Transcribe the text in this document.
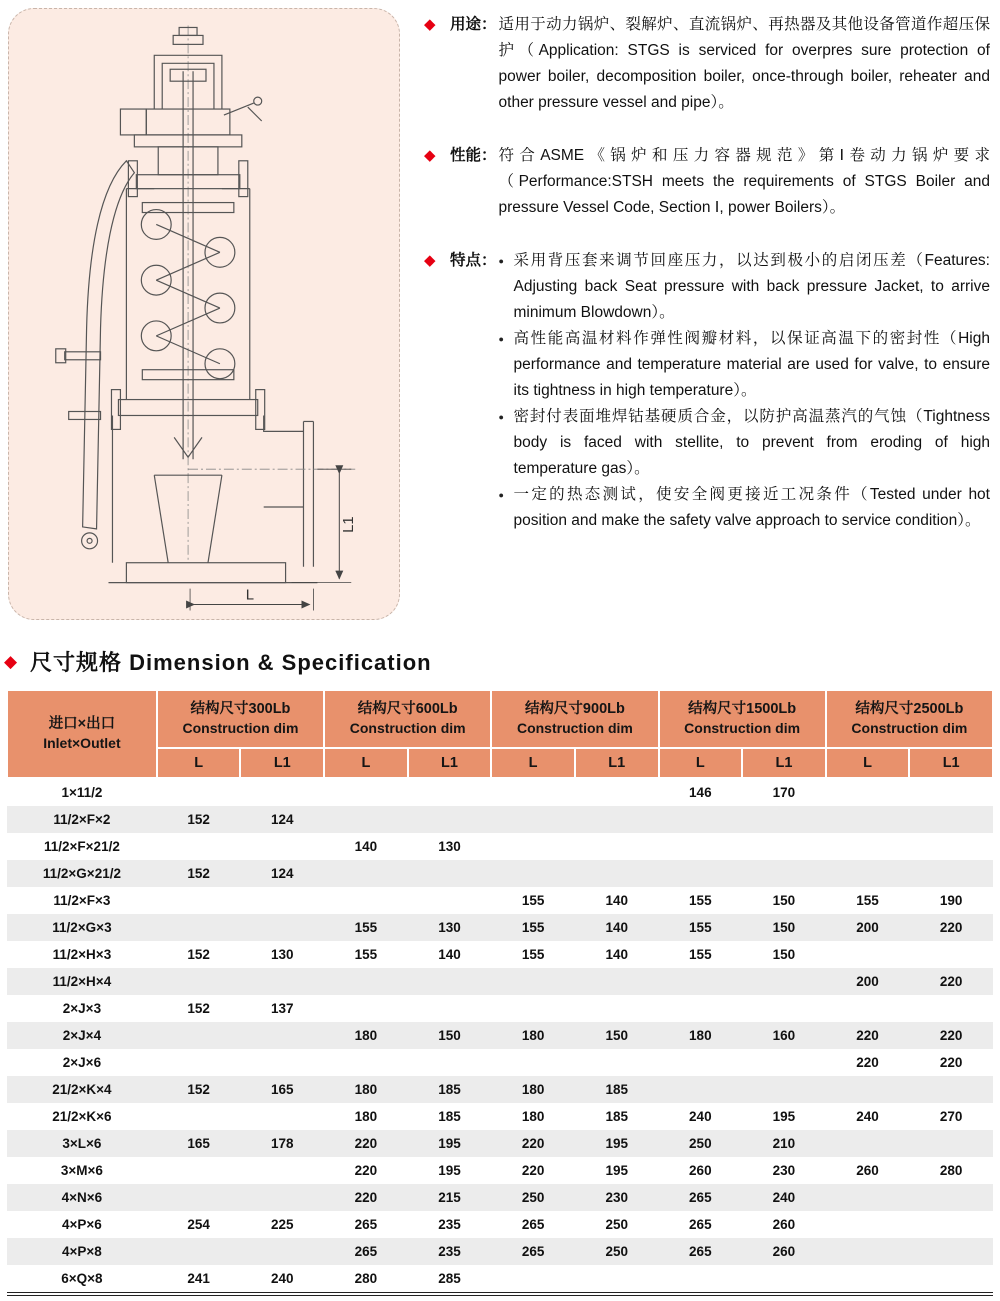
L1
L
◆ 用途： 适用于动力锅炉、裂解炉、直流锅炉、再热器及其他设备管道作超压保护（Application: STGS is serviced for overpres sure protection of power boiler, decomposition boiler, once-through boiler, reheater and other pressure vessel and pipe）。
◆ 性能： 符合ASME《锅炉和压力容器规范》第Ⅰ卷动力锅炉要求（Performance:STSH meets the requirements of STGS Boiler and pressure Vessel Code, Section Ⅰ, power Boilers）。
◆ 特点： ● 采用背压套来调节回座压力，以达到极小的启闭压差（Features: Adjusting back Seat pressure with back pressure Jacket, to arrive minimum Blowdown）。
● 高性能高温材料作弹性阀瓣材料，以保证高温下的密封性（High performance and temperature material are used for valve, to ensure its tightness in high temperature）。
● 密封付表面堆焊钴基硬质合金，以防护高温蒸汽的气蚀（Tightness body is faced with stellite, to prevent from eroding of high temperature gas）。
● 一定的热态测试，使安全阀更接近工况条件（Tested under hot position and make the safety valve approach to service condition）。
◆ 尺寸规格 Dimension & Specification
进口×出口
Inlet×Outlet	结构尺寸300Lb
Construction dim		结构尺寸600Lb
Construction dim		结构尺寸900Lb
Construction dim		结构尺寸1500Lb
Construction dim		结构尺寸2500Lb
Construction dim	

	L	L1	L	L1	L	L1	L	L1	L	L1
1×11/2							146	170		
11/2×F×2	152	124								
11/2×F×21/2			140	130						
11/2×G×21/2	152	124								
11/2×F×3					155	140	155	150	155	190
11/2×G×3			155	130	155	140	155	150	200	220
11/2×H×3	152	130	155	140	155	140	155	150		
11/2×H×4									200	220
2×J×3	152	137								
2×J×4			180	150	180	150	180	160	220	220
2×J×6									220	220
21/2×K×4	152	165	180	185	180	185				
21/2×K×6			180	185	180	185	240	195	240	270
3×L×6	165	178	220	195	220	195	250	210		
3×M×6			220	195	220	195	260	230	260	280
4×N×6			220	215	250	230	265	240		
4×P×6	254	225	265	235	265	250	265	260		
4×P×8			265	235	265	250	265	260		
6×Q×8	241	240	280	285						
